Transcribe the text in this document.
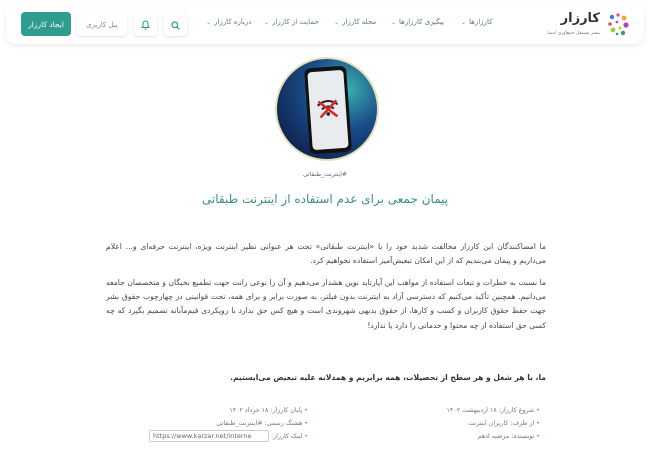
ایجاد کارزار	پنل کاربری	درباره کارزار
⌄	حمایت از کارزار
⌄	مجله کارزار
⌄	پیگیری کارزارها
⌄	کارزارها
⌄	کارزار
بستر مستقل جمع‌آوری امضا
#اینترنت_طبقاتی
پیمان جمعی برای عدم استفاده از اینترنت طبقاتی

ما امضاکنندگان این کارزار مخالفت شدید خود را با «اینترنت طبقاتی» تحت هر عنوانی نظیر اینترنت ویژه، اینترنت حرفه‌ای و... اعلام می‌داریم و پیمان می‌بندیم که از این امکان تبعیض‌آمیز استفاده نخواهیم کرد.

ما نسبت به خطرات و تبعات استفاده از مواهب این آپارتاید نوین هشدار می‌دهیم و آن را نوعی رانت جهت تطمیع نخبگان و متخصصان جامعه می‌دانیم. همچنین تأکید می‌کنیم که دسترسی آزاد به اینترنت بدون فیلتر، به صورت برابر و برای همه، تحت قوانینی در چهارچوب حقوق بشر جهت حفظ حقوق کاربران و کسب و کارها، از حقوق بدیهی شهروندی است و هیچ کس حق ندارد با رویکردی قیم‌مآبانه تصمیم بگیرد که چه کسی حق استفاده از چه محتوا و خدماتی را دارد یا ندارد!

ما، با هر شغل و هر سطح از تحصیلات، همه برابریم و همدلانه علیه تبعیض می‌ایستیم.

• شروع کارزار: ۱۸ اردیبهشت ۱۴۰۲
• از طرف: کاربران اینترنت
• نویسنده: مرضیه ادهم
• پایان کارزار: ۱۸ خرداد ۱۴۰۲
• هشتگ رسمی: #اینترنت_طبقاتی
• لینک کارزار: https://www.karzar.net/interne
